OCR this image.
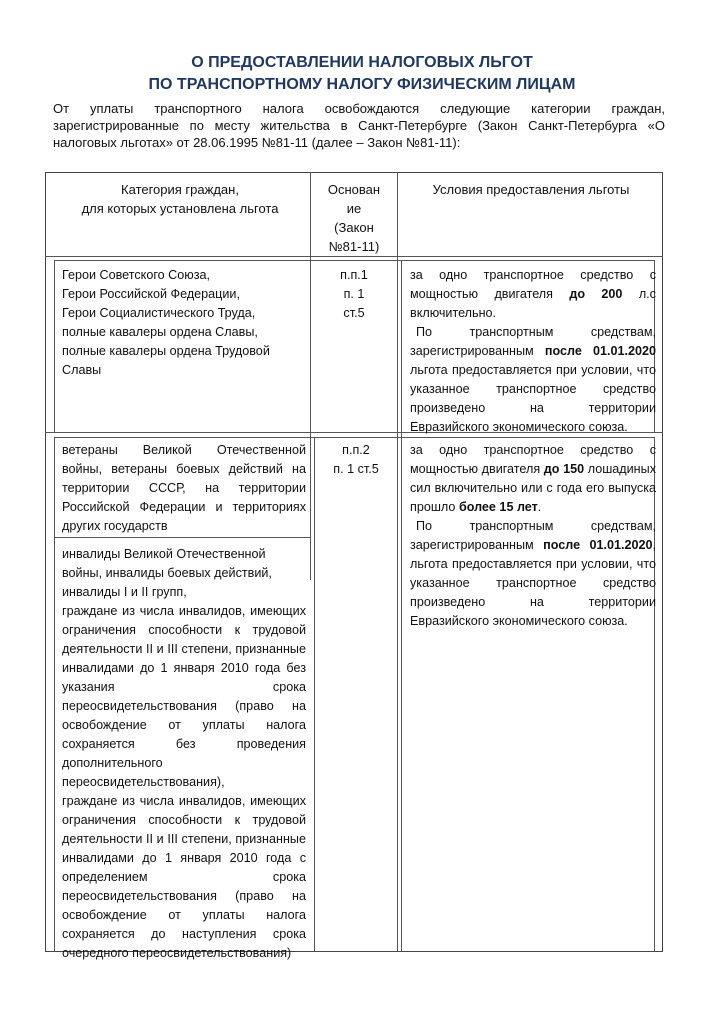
О ПРЕДОСТАВЛЕНИИ НАЛОГОВЫХ ЛЬГОТ
ПО ТРАНСПОРТНОМУ НАЛОГУ ФИЗИЧЕСКИМ ЛИЦАМ
От уплаты транспортного налога освобождаются следующие категории граждан,
зарегистрированные по месту жительства в Санкт-Петербурге (Закон Санкт-Петербурга «О
налоговых льготах» от 28.06.1995 №81-11 (далее – Закон №81-11):
Категория граждан,
для которых установлена льгота
Основан
ие
(Закон
№81-11)
Условия предоставления льготы
Герои Советского Союза,
Герои Российской Федерации,
Герои Социалистического Труда,
полные кавалеры ордена Славы,
полные кавалеры ордена Трудовой
Славы
п.п.1
п. 1
ст.5

за одно транспортное средство с мощностью двигателя до 200 л.с включительно.

По транспортным средствам, зарегистрированным после 01.01.2020 льгота предоставляется при условии, что указанное транспортное средство произведено на территории Евразийского экономического союза.

ветераны Великой Отечественной войны, ветераны боевых действий на территории СССР, на территории Российской Федерации и территориях других государств

инвалиды Великой Отечественной
войны, инвалиды боевых действий,
инвалиды I и II групп,

граждане из числа инвалидов, имеющих ограничения способности к трудовой деятельности II и III степени, признанные инвалидами до 1 января 2010 года без указания срока переосвидетельствования (право на освобождение от уплаты налога сохраняется без проведения дополнительного

переосвидетельствования),

граждане из числа инвалидов, имеющих ограничения способности к трудовой деятельности II и III степени, признанные инвалидами до 1 января 2010 года с определением срока переосвидетельствования (право на освобождение от уплаты налога сохраняется до наступления срока очередного переосвидетельствования)

п.п.2
п. 1 ст.5

за одно транспортное средство с мощностью двигателя до 150 лошадиных сил включительно или с года его выпуска прошло более 15 лет.

По транспортным средствам, зарегистрированным после 01.01.2020, льгота предоставляется при условии, что указанное транспортное средство произведено на территории Евразийского экономического союза.
